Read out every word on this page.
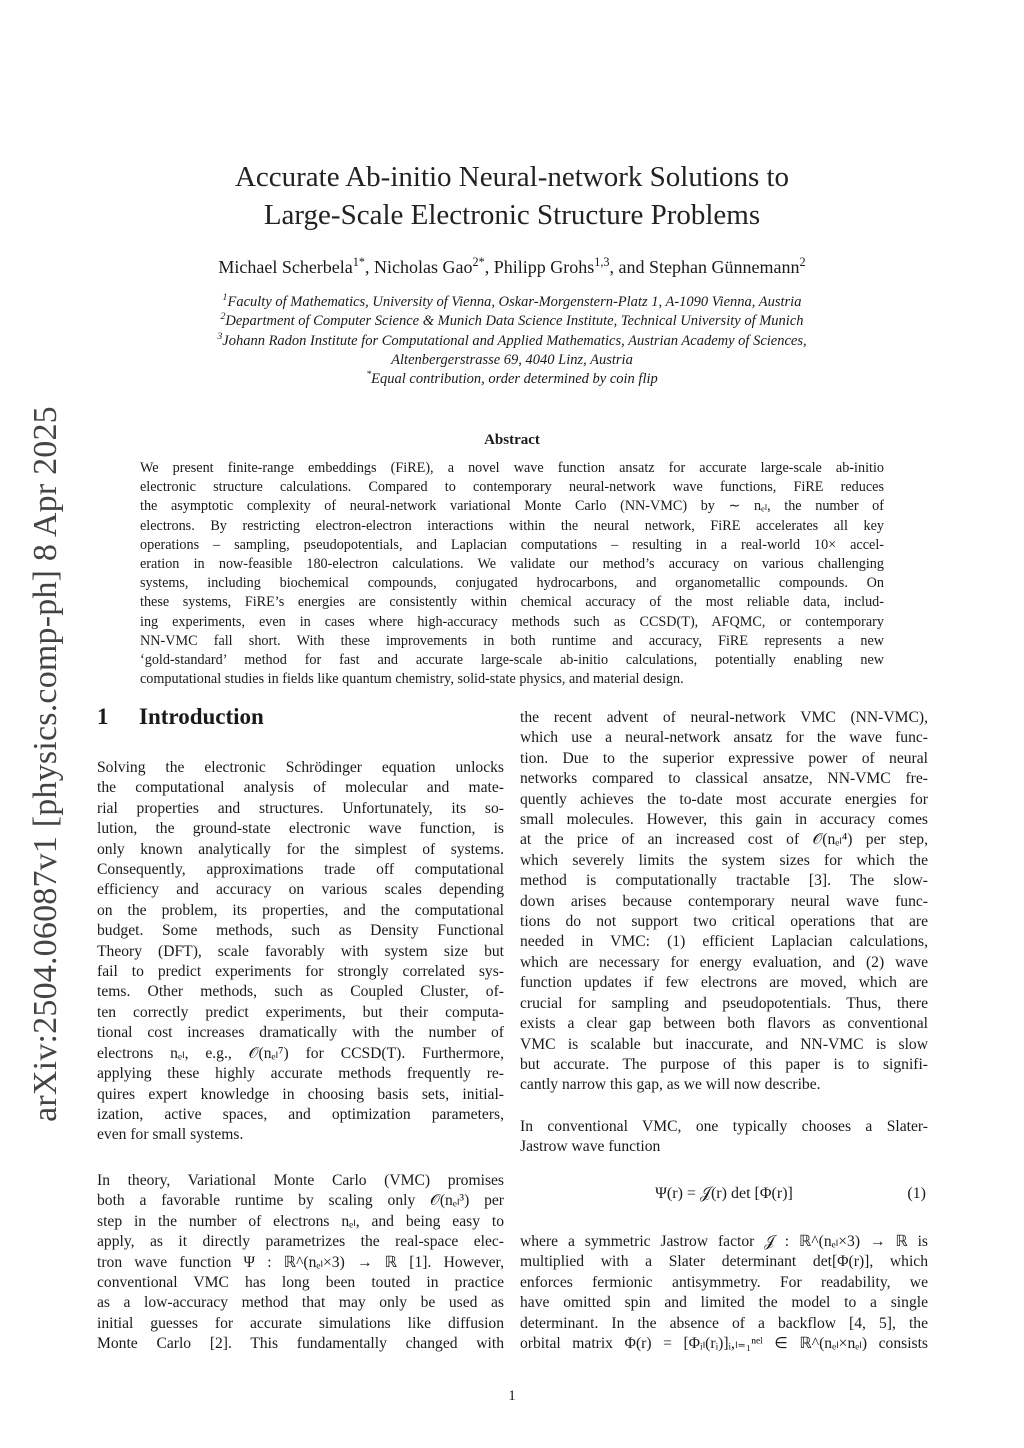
arXiv:2504.06087v1 [physics.comp-ph] 8 Apr 2025
Accurate Ab-initio Neural-network Solutions to
Large-Scale Electronic Structure Problems
Michael Scherbela$^{1*}$, Nicholas Gao$^{2*}$, Philipp Grohs$^{1,3}$, and Stephan Günnemann$^2$
$^1$Faculty of Mathematics, University of Vienna, Oskar-Morgenstern-Platz 1, A-1090 Vienna, Austria
$^2$Department of Computer Science & Munich Data Science Institute, Technical University of Munich
$^3$Johann Radon Institute for Computational and Applied Mathematics, Austrian Academy of Sciences,
Altenbergerstrasse 69, 4040 Linz, Austria
*Equal contribution, order determined by coin flip
Abstract
We present finite-range embeddings (FiRE), a novel wave function ansatz for accurate large-scale ab-initio
electronic structure calculations. Compared to contemporary neural-network wave functions, FiRE reduces
the asymptotic complexity of neural-network variational Monte Carlo (NN-VMC) by ∼ nₑₗ, the number of
electrons. By restricting electron-electron interactions within the neural network, FiRE accelerates all key
operations – sampling, pseudopotentials, and Laplacian computations – resulting in a real-world 10× accel-
eration in now-feasible 180-electron calculations. We validate our method’s accuracy on various challenging
systems, including biochemical compounds, conjugated hydrocarbons, and organometallic compounds. On
these systems, FiRE’s energies are consistently within chemical accuracy of the most reliable data, includ-
ing experiments, even in cases where high-accuracy methods such as CCSD(T), AFQMC, or contemporary
NN-VMC fall short. With these improvements in both runtime and accuracy, FiRE represents a new
‘gold-standard’ method for fast and accurate large-scale ab-initio calculations, potentially enabling new
computational studies in fields like quantum chemistry, solid-state physics, and material design.
1 Introduction
Solving the electronic Schrödinger equation unlocks
the computational analysis of molecular and mate-
rial properties and structures. Unfortunately, its so-
lution, the ground-state electronic wave function, is
only known analytically for the simplest of systems.
Consequently, approximations trade off computational
efficiency and accuracy on various scales depending
on the problem, its properties, and the computational
budget. Some methods, such as Density Functional
Theory (DFT), scale favorably with system size but
fail to predict experiments for strongly correlated sys-
tems. Other methods, such as Coupled Cluster, of-
ten correctly predict experiments, but their computa-
tional cost increases dramatically with the number of
electrons nₑₗ, e.g., 𝒪(nₑₗ⁷) for CCSD(T). Furthermore,
applying these highly accurate methods frequently re-
quires expert knowledge in choosing basis sets, initial-
ization, active spaces, and optimization parameters,
even for small systems.
In theory, Variational Monte Carlo (VMC) promises
both a favorable runtime by scaling only 𝒪(nₑₗ³) per
step in the number of electrons nₑₗ, and being easy to
apply, as it directly parametrizes the real-space elec-
tron wave function Ψ : ℝ^(nₑₗ×3) → ℝ [1]. However,
conventional VMC has long been touted in practice
as a low-accuracy method that may only be used as
initial guesses for accurate simulations like diffusion
Monte Carlo [2]. This fundamentally changed with
the recent advent of neural-network VMC (NN-VMC),
which use a neural-network ansatz for the wave func-
tion. Due to the superior expressive power of neural
networks compared to classical ansatze, NN-VMC fre-
quently achieves the to-date most accurate energies for
small molecules. However, this gain in accuracy comes
at the price of an increased cost of 𝒪(nₑₗ⁴) per step,
which severely limits the system sizes for which the
method is computationally tractable [3]. The slow-
down arises because contemporary neural wave func-
tions do not support two critical operations that are
needed in VMC: (1) efficient Laplacian calculations,
which are necessary for energy evaluation, and (2) wave
function updates if few electrons are moved, which are
crucial for sampling and pseudopotentials. Thus, there
exists a clear gap between both flavors as conventional
VMC is scalable but inaccurate, and NN-VMC is slow
but accurate. The purpose of this paper is to signifi-
cantly narrow this gap, as we will now describe.
In conventional VMC, one typically chooses a Slater-
Jastrow wave function
Ψ(r) = 𝒥(r) det [Φ(r)]	(1)
where a symmetric Jastrow factor 𝒥 : ℝ^(nₑₗ×3) → ℝ is
multiplied with a Slater determinant det[Φ(r)], which
enforces fermionic antisymmetry. For readability, we
have omitted spin and limited the model to a single
determinant. In the absence of a backflow [4, 5], the
orbital matrix Φ(r) = [Φᵢₗ(rᵢ)]ᵢ,ₗ₌₁ⁿᵉˡ ∈ ℝ^(nₑₗ×nₑₗ) consists
1
